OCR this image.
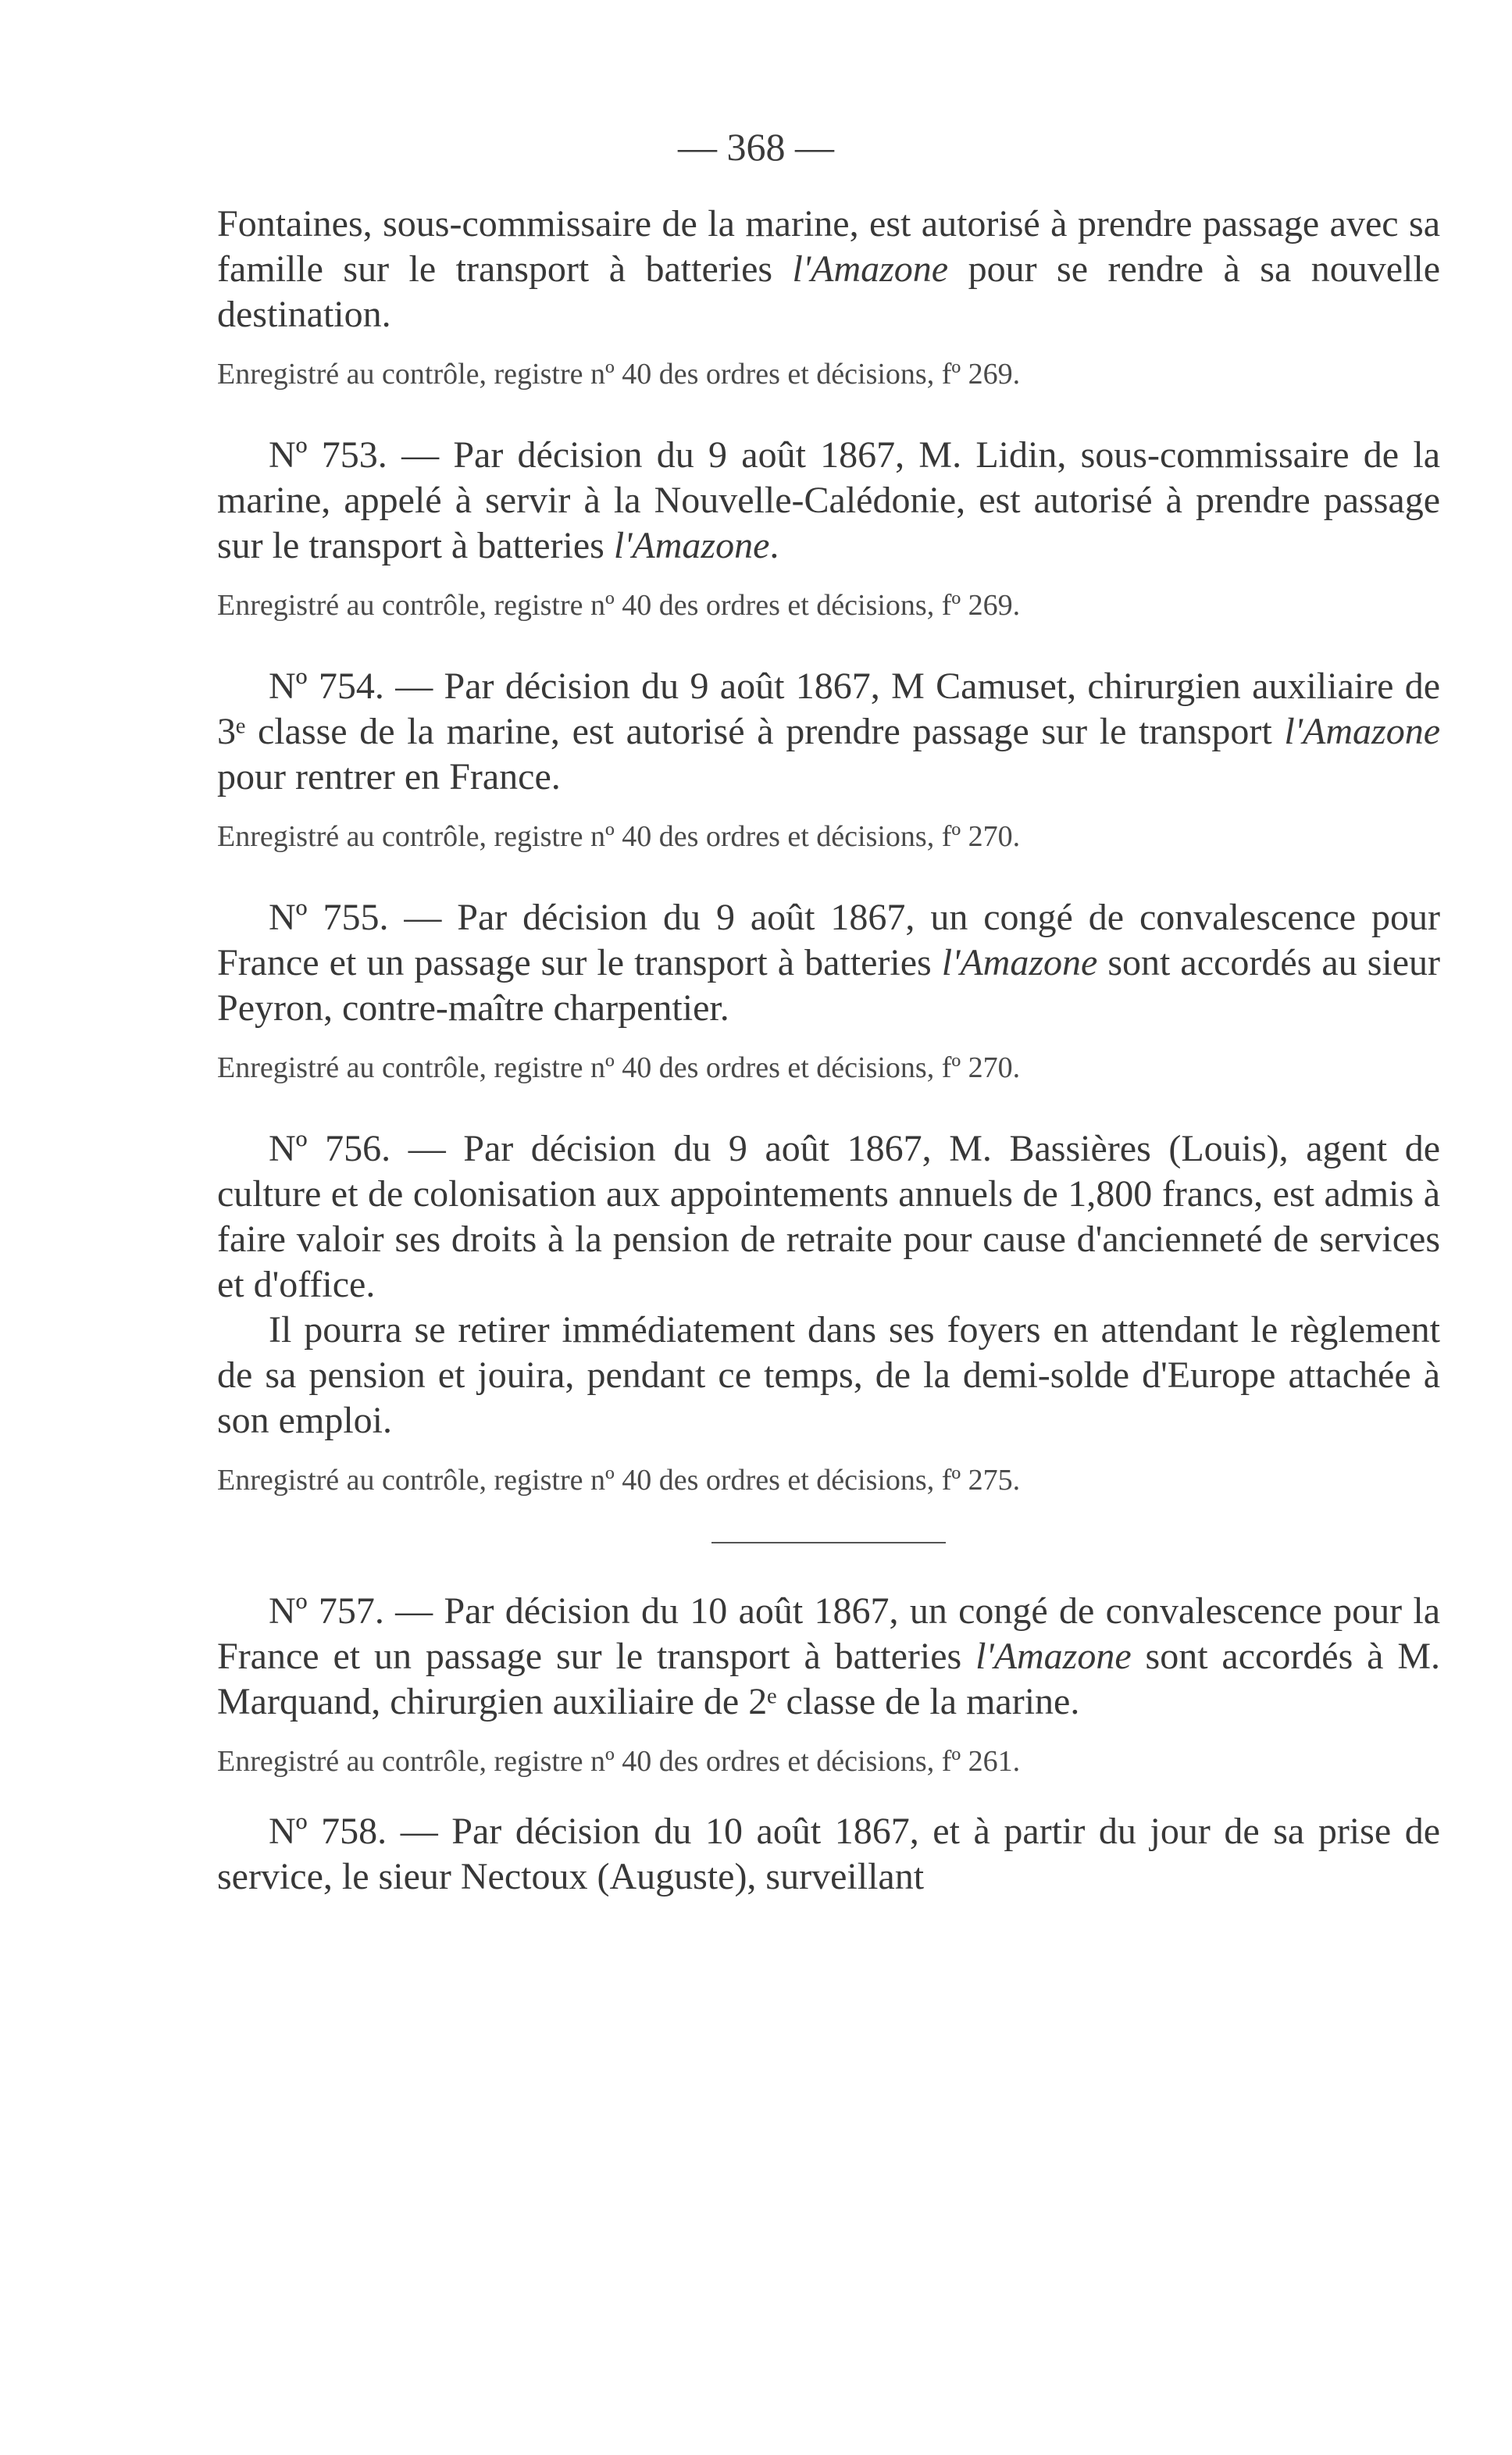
— 368 —

Fontaines, sous-commissaire de la marine, est autorisé à prendre passage avec sa famille sur le transport à batteries l'Amazone pour se rendre à sa nouvelle destination.

Enregistré au contrôle, registre nº 40 des ordres et décisions, fº 269.

Nº 753. — Par décision du 9 août 1867, M. Lidin, sous-commissaire de la marine, appelé à servir à la Nouvelle-Calédonie, est autorisé à prendre passage sur le transport à batteries l'Amazone.

Enregistré au contrôle, registre nº 40 des ordres et décisions, fº 269.

Nº 754. — Par décision du 9 août 1867, M Camuset, chirurgien auxiliaire de 3ᵉ classe de la marine, est autorisé à prendre passage sur le transport l'Amazone pour rentrer en France.

Enregistré au contrôle, registre nº 40 des ordres et décisions, fº 270.

Nº 755. — Par décision du 9 août 1867, un congé de convalescence pour France et un passage sur le transport à batteries l'Amazone sont accordés au sieur Peyron, contre-maître charpentier.

Enregistré au contrôle, registre nº 40 des ordres et décisions, fº 270.

Nº 756. — Par décision du 9 août 1867, M. Bassières (Louis), agent de culture et de colonisation aux appointements annuels de 1,800 francs, est admis à faire valoir ses droits à la pension de retraite pour cause d'ancienneté de services et d'office.

Il pourra se retirer immédiatement dans ses foyers en attendant le règlement de sa pension et jouira, pendant ce temps, de la demi-solde d'Europe attachée à son emploi.

Enregistré au contrôle, registre nº 40 des ordres et décisions, fº 275.

Nº 757. — Par décision du 10 août 1867, un congé de convalescence pour la France et un passage sur le transport à batteries l'Amazone sont accordés à M. Marquand, chirurgien auxiliaire de 2ᵉ classe de la marine.

Enregistré au contrôle, registre nº 40 des ordres et décisions, fº 261.

Nº 758. — Par décision du 10 août 1867, et à partir du jour de sa prise de service, le sieur Nectoux (Auguste), surveillant
